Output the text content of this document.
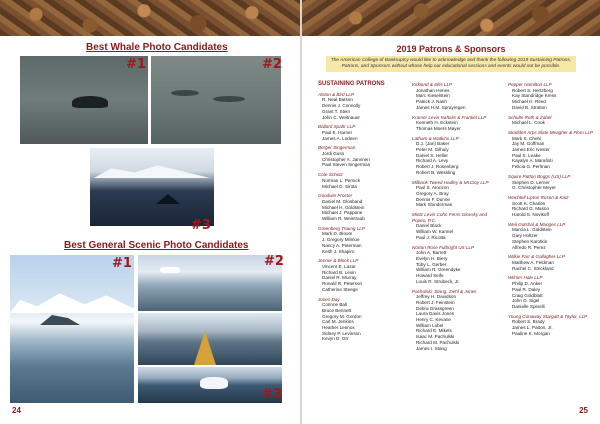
Best Whale Photo Candidates
#1	#2
#3
Best General Scenic Photo Candidates
#1	#2
#3
24
2019 Patrons & Sponsors
The American College of Bankruptcy would like to acknowledge and thank the following 2019 Sustaining Patrons, Patrons, and Sponsors without whose help our educational sessions and events would not be possible.
SUSTAINING PATRONS
Alston & Bird LLP
R. Neal Batson
Dennis J. Connolly
Grant T. Stein
John C. Weitnauer
Ballard Spahr LLP
Paul E. Harner
James A. Lodeen
Berger Singerman
Jordi Guso
Christopher A. Jarvinen
Paul Steven Singerman
Cole Schotz
Norman L. Pernick
Michael D. Sirota
Goodwin Procter
Daniel M. Glosband
Michael H. Goldstein
Michael J. Pappone
William R. Weintraub
Greenberg Traurig LLP
Mark D. Bloom
J. Gregory Milmoe
Nancy A. Peterman
Keith J. Shapiro
Jenner & Block LLP
Vincent E. Lazar
Richard B. Levin
Daniel R. Murray
Ronald R. Peterson
Catherine Steege
Jones Day
Corinne Ball
Bruce Bennett
Gregory M. Gordon
Carl M. Jenkins
Heather Lennox
Sidney P. Levinson
Kevyn D. Orr
Kirkland & Ellis LLP
Jonathan Henes
Marc Kieselstein
Patrick J. Nash
James H.M. Sprayregen
Kramer Levin Naftalis & Frankel LLP
Kenneth H. Eckstein
Thomas Moers Mayer
Latham & Watkins LLP
D.J. (Jan) Baker
Peter M. Gilhuly
Daniel S. Heller
Richard A. Levy
Robert J. Rosenberg
Robert B. Wessling
Milbank Tweed Hadley & McCloy LLP
Paul S. Aronzon
Gregory A. Bray
Dennis F. Dunne
Mark Shinderman
Mintz Levin Cohn Ferris Glovsky and Popeo, P.C.
Daniel Black
William W. Kannel
Paul J. Ricotta
Norton Rose Fulbright US LLP
John A. Barrett
Evelyn H. Biery
Toby L. Gerber
William R. Greendyke
Howard Seife
Louis R. Strubeck, Jr.
Pachulski, Stang, Ziehl & Jones
Jeffrey H. Davidson
Robert J. Feinstein
Debra Grassgreen
Laura Davis Jones
Henry C. Kevane
William Lobel
Richard E. Mikels
Isaac M. Pachulski
Richard M. Pachulski
James I. Stang
Pepper Hamilton LLP
Robert S. Hertzberg
Kay Standridge Kress
Michael H. Reed
David B. Stratton
Schulte Roth & Zabel
Michael L. Cook
Skadden Arps Slate Meagher & Flom LLP
Mark S. Chehi
Jay M. Goffman
James Eric Ivester
Paul S. Leake
Kayalyn A. Marafioti
Felicia G. Perlman
Squire Patton Boggs (US) LLP
Stephen D. Lerner
G. Christopher Meyer
Wachtell Lipton Rosen & Katz
Scott K. Charles
Richard G. Mason
Harold S. Novikoff
Weil Gotshal & Manges LLP
Marcia L. Goldstein
Gary Holtzer
Stephen Karotkin
Alfredo R. Perez
Wilkie Farr & Gallagher LLP
Matthew A. Feldman
Rachel C. Strickland
Wilmer Hale LLP
Philip D. Anker
Paul R. Daley
Craig Goldblatt
John D. Sigel
Danielle Spinelli
Young Conaway Stargatt & Taylor, LLP
Robert S. Brady
James L. Patton, Jr.
Pauline K. Morgan
25
